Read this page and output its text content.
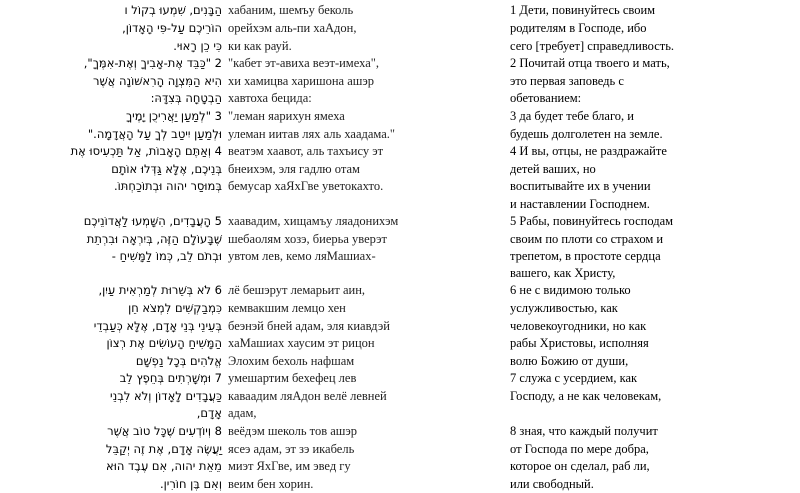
הַבָּנִים, שִׁמְעוּ בְקוֹל ו
הוֹרֵיכֶם עַל-פִּי הָאָדוֹן,
כִּי כֵן רָאוּי.
2 "כַּבֵּד אֶת-אָבִיךָ וְאֶת-אִמֶּךָ",
הִיא הַמִּצְוָה הָרִאשׁוֹנָה אֲשֶׁר
הַבְטָחָה בְּצִדָּהּ:
3 "לְמַעַן יַאֲרִיכֻן יָמֶיךָ
וּלְמַעַן יִיטַב לְךָ עַל הָאֲדָמָה."
4 וְאַתֶּם הָאָבוֹת, אַל תַּכְעִיסוּ אֶת
בְּנֵיכֶם, אֶלָּא גַּדְּלוּ אוֹתָם
בְּמוּסַר יהוה וּבְתוֹכַחְתּוֹ.
5 הָעֲבָדִים, הִשָּׁמְעוּ לַאֲדוֹנֵיכֶם
שֶׁבָּעוֹלָם הַזֶּה, בְּיִרְאָה וּבִרְתֵת
וּבְתֹם לֵב, כְּמוֹ לַמָּשִׁיחַ -
6 לֹא בְּשֵׁרוּת לְמַרְאִית עַיִן,
כִּמְבַקְשִׁים לִמְצֹא חֵן
בְּעֵינֵי בְּנֵי אָדָם, אֶלָּא כְּעַבְדֵי
הַמָּשִׁיחַ הָעוֹשִׂים אֶת רְצוֹן
אֱלֹהִים בְּכָל נַפְשָׁם
7 וּמְשָׁרְתִים בְּחֵפֶץ לֵב
כַּעֲבָדִים לָאָדוֹן וְלֹא לִבְנֵי
אָדָם,
8 וְיוֹדְעִים שֶׁכָּל טוֹב אֲשֶׁר
יַעֲשֶׂה אָדָם, אֶת זֶה יְקַבֵּל
מֵאֵת יהוה, אִם עֶבֶד הוּא
וְאִם בֶּן חוֹרִין.
хабаним, шемъу беколь
орейхэм аль-пи хаАдон,
ки как рауй.
"кабет эт-авиха веэт-имеха",
хи хамицва харишона ашэр
хавтоха бецида:
"леман яарихун ямеха
улеман иитав лях аль хаадама."
веатэм хаавот, аль тахъису эт
бнеихэм, эля гадлю отам
бемусар хаЯхГве уветокахто.
хаавадим, хищамъу ляадонихэм
шебаолям хозэ, биерьа уверэт
увтом лев, кемо ляМашиах-
лё бешэрут лемарьит аин,
кемвакшим лемцо хен
беэнэй бней адам, эля киавдэй
хаМашиах хаусим эт рицон
Элохим бехоль нафшам
умешартим бехефец лев
каваадим ляАдон велё левней
адам,
веёдэм шеколь тов ашэр
ясеэ адам, эт зэ икабель
миэт ЯхГве, им эвед гу
веим бен хорин.
1 Дети, повинуйтесь своим
родителям в Господе, ибо
сего [требует] справедливость.
2 Почитай отца твоего и мать,
это первая заповедь с
обетованием:
3 да будет тебе благо, и
будешь долголетен на земле.
4 И вы, отцы, не раздражайте
детей ваших, но
воспитывайте их в учении
и наставлении Господнем.
5 Рабы, повинуйтесь господам
своим по плоти со страхом и
трепетом, в простоте сердца
вашего, как Христу,
6 не с видимою только
услужливостью, как
человекоугодники, но как
рабы Христовы, исполняя
волю Божию от души,
7 служа с усердием, как
Господу, а не как человекам,
8 зная, что каждый получит
от Господа по мере добра,
которое он сделал, раб ли,
или свободный.
